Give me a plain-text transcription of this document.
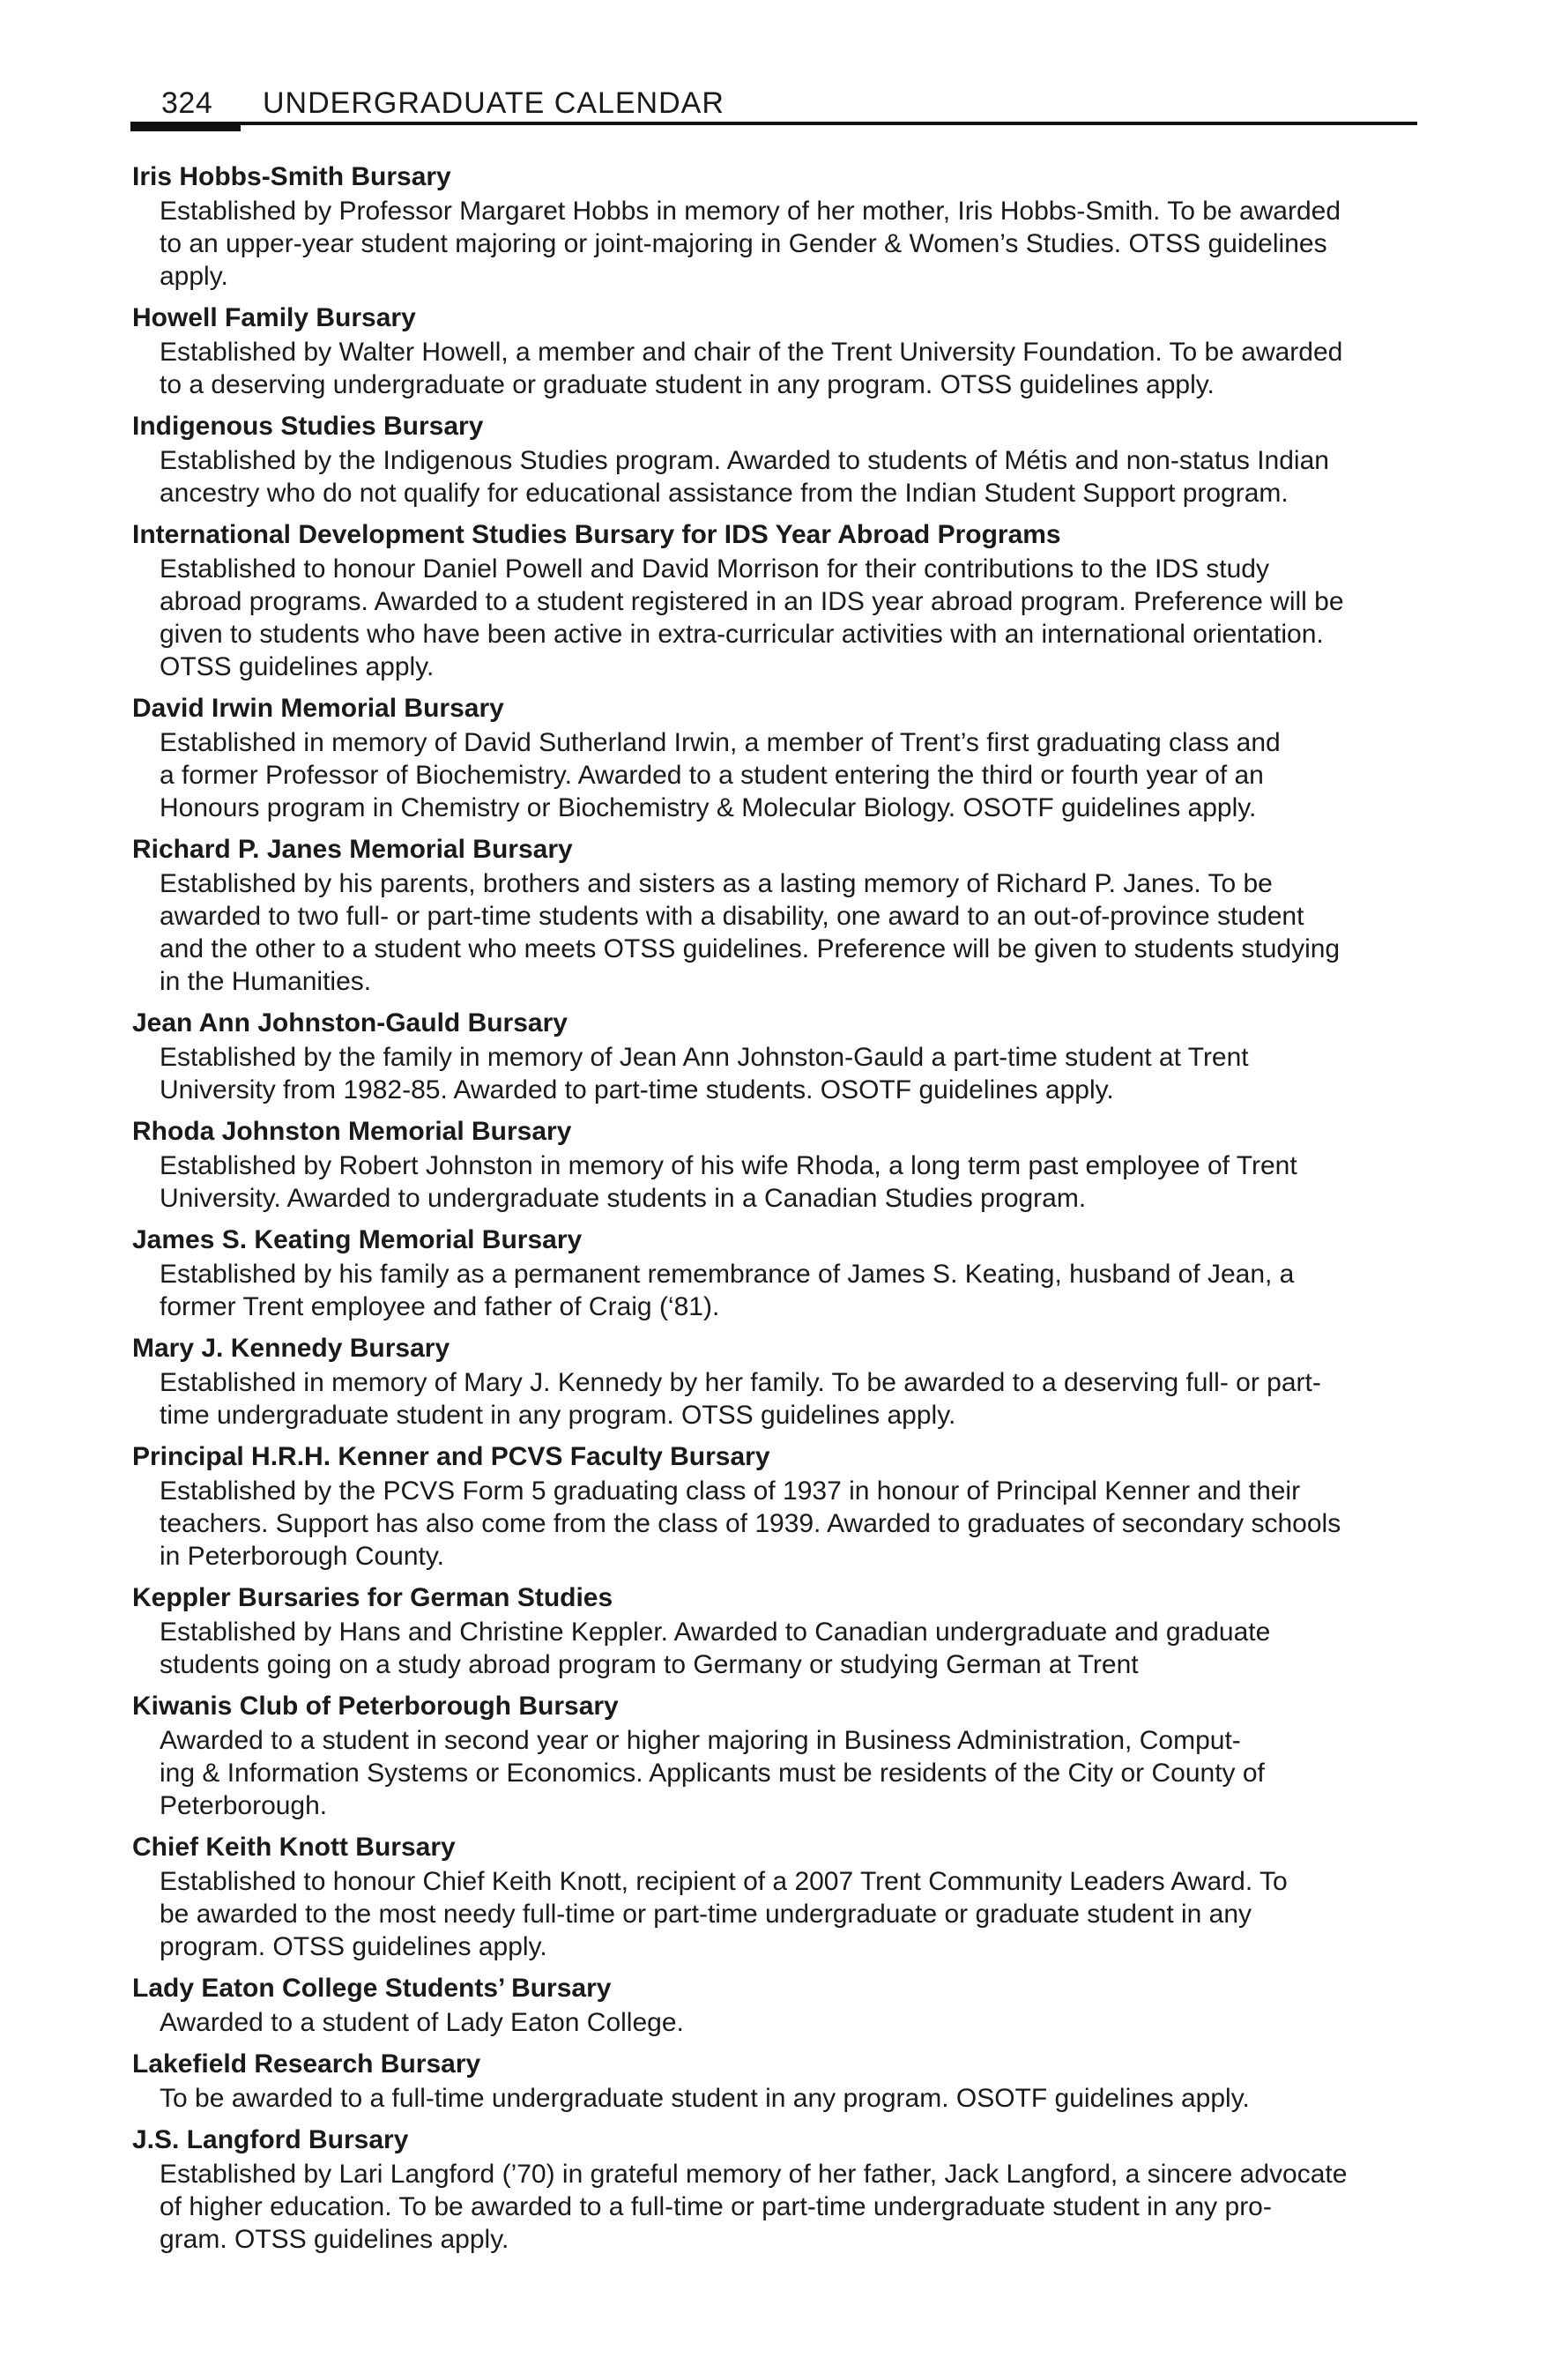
324 UNDERGRADUATE CALENDAR
Iris Hobbs-Smith Bursary
Established by Professor Margaret Hobbs in memory of her mother, Iris Hobbs-Smith. To be awarded
to an upper-year student majoring or joint-majoring in Gender & Women’s Studies. OTSS guidelines
apply.
Howell Family Bursary
Established by Walter Howell, a member and chair of the Trent University Foundation. To be awarded
to a deserving undergraduate or graduate student in any program. OTSS guidelines apply.
Indigenous Studies Bursary
Established by the Indigenous Studies program. Awarded to students of Métis and non-status Indian
ancestry who do not qualify for educational assistance from the Indian Student Support program.
International Development Studies Bursary for IDS Year Abroad Programs
Established to honour Daniel Powell and David Morrison for their contributions to the IDS study
abroad programs. Awarded to a student registered in an IDS year abroad program. Preference will be
given to students who have been active in extra-curricular activities with an international orientation.
OTSS guidelines apply.
David Irwin Memorial Bursary
Established in memory of David Sutherland Irwin, a member of Trent’s first graduating class and
a former Professor of Biochemistry. Awarded to a student entering the third or fourth year of an
Honours program in Chemistry or Biochemistry & Molecular Biology. OSOTF guidelines apply.
Richard P. Janes Memorial Bursary
Established by his parents, brothers and sisters as a lasting memory of Richard P. Janes. To be
awarded to two full- or part-time students with a disability, one award to an out-of-province student
and the other to a student who meets OTSS guidelines. Preference will be given to students studying
in the Humanities.
Jean Ann Johnston-Gauld Bursary
Established by the family in memory of Jean Ann Johnston-Gauld a part-time student at Trent
University from 1982-85. Awarded to part-time students. OSOTF guidelines apply.
Rhoda Johnston Memorial Bursary
Established by Robert Johnston in memory of his wife Rhoda, a long term past employee of Trent
University. Awarded to undergraduate students in a Canadian Studies program.
James S. Keating Memorial Bursary
Established by his family as a permanent remembrance of James S. Keating, husband of Jean, a
former Trent employee and father of Craig (‘81).
Mary J. Kennedy Bursary
Established in memory of Mary J. Kennedy by her family. To be awarded to a deserving full- or part-
time undergraduate student in any program. OTSS guidelines apply.
Principal H.R.H. Kenner and PCVS Faculty Bursary
Established by the PCVS Form 5 graduating class of 1937 in honour of Principal Kenner and their
teachers. Support has also come from the class of 1939. Awarded to graduates of secondary schools
in Peterborough County.
Keppler Bursaries for German Studies
Established by Hans and Christine Keppler. Awarded to Canadian undergraduate and graduate
students going on a study abroad program to Germany or studying German at Trent
Kiwanis Club of Peterborough Bursary
Awarded to a student in second year or higher majoring in Business Administration, Comput-
ing & Information Systems or Economics. Applicants must be residents of the City or County of
Peterborough.
Chief Keith Knott Bursary
Established to honour Chief Keith Knott, recipient of a 2007 Trent Community Leaders Award. To
be awarded to the most needy full-time or part-time undergraduate or graduate student in any
program. OTSS guidelines apply.
Lady Eaton College Students’ Bursary
Awarded to a student of Lady Eaton College.
Lakefield Research Bursary
To be awarded to a full-time undergraduate student in any program. OSOTF guidelines apply.
J.S. Langford Bursary
Established by Lari Langford (’70) in grateful memory of her father, Jack Langford, a sincere advocate
of higher education. To be awarded to a full-time or part-time undergraduate student in any pro-
gram. OTSS guidelines apply.
